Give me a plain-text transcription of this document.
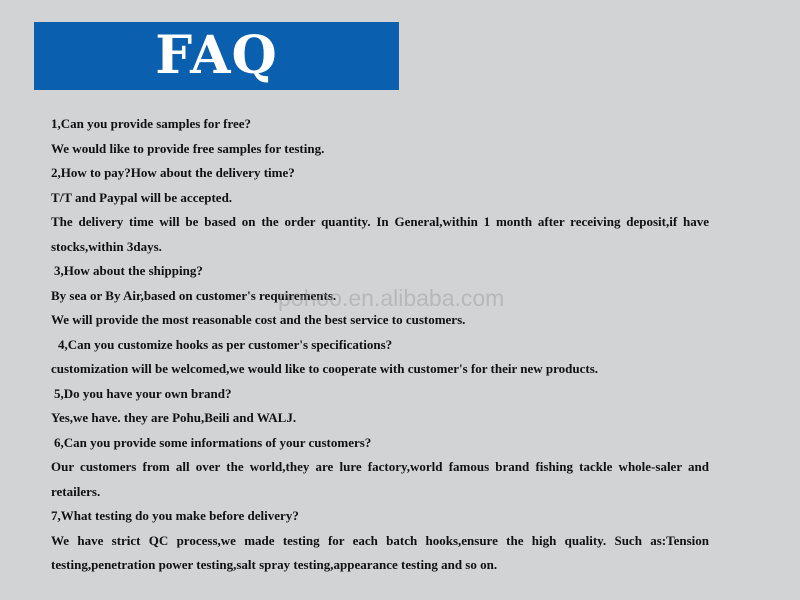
FAQ

1,Can you provide samples for free?

We would like to provide free samples for testing.

2,How to pay?How about the delivery time?

T/T and Paypal will be accepted.

The delivery time will be based on the order quantity. In General,within 1 month after receiving deposit,if have stocks,within 3days.

3,How about the shipping?

By sea or By Air,based on customer's requirements.

We will provide the most reasonable cost and the best service to customers.

4,Can you customize hooks as per customer's specifications?

customization will be welcomed,we would like to cooperate with customer's for their new products.

5,Do you have your own brand?

Yes,we have. they are Pohu,Beili and WALJ.

6,Can you provide some informations of your customers?

Our customers from all over the world,they are lure factory,world famous brand fishing tackle whole-saler and retailers.

7,What testing do you make before delivery?

We have strict QC process,we made testing for each batch hooks,ensure the high quality. Such as:Tension testing,penetration power testing,salt spray testing,appearance testing and so on.

pohoo.en.alibaba.com
